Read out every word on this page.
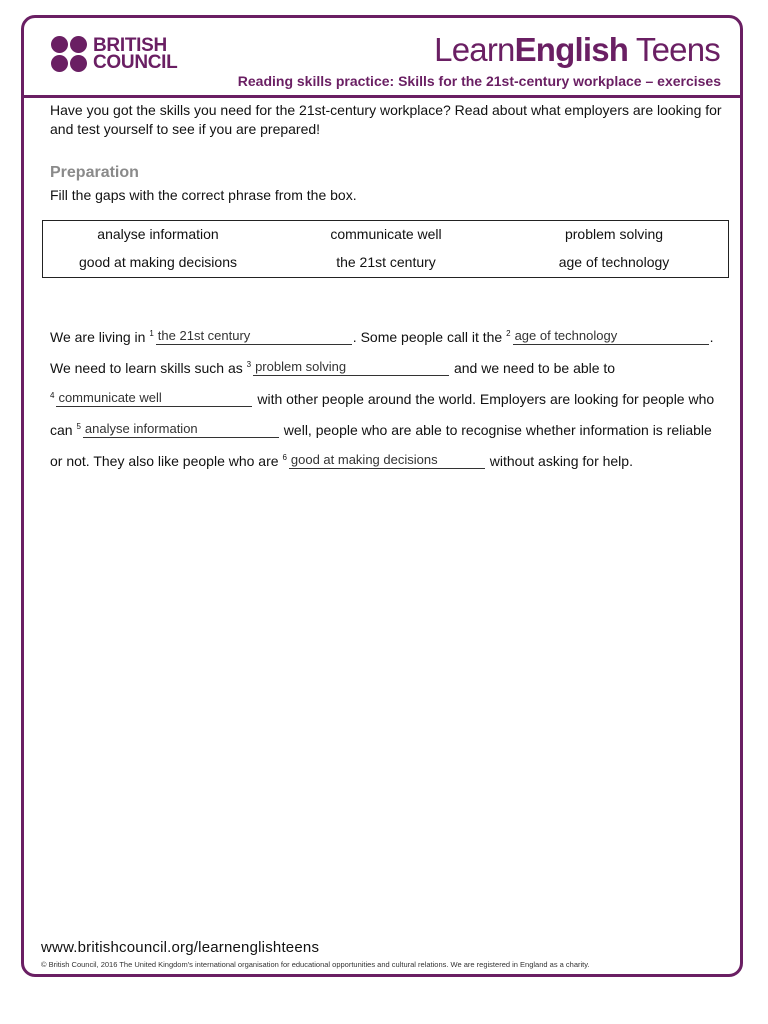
BRITISH
COUNCIL	LearnEnglish Teens
Reading skills practice: Skills for the 21st-century workplace – exercises
Have you got the skills you need for the 21st-century workplace? Read about what employers are looking for and test yourself to see if you are prepared!
Preparation
Fill the gaps with the correct phrase from the box.
analyse information	communicate well	problem solving
good at making decisions	the 21st century	age of technology
We are living in $^1$ the 21st century	. Some people call it the $^2$ age of technology	.
We need to learn skills such as $^3$ problem solving	and we need to be able to
$^4$ communicate well	with other people around the world. Employers are looking for people who
can $^5$ analyse information	well, people who are able to recognise whether information is reliable
or not. They also like people who are $^6$ good at making decisions	without asking for help.
www.britishcouncil.org/learnenglishteens
© British Council, 2016 The United Kingdom's international organisation for educational opportunities and cultural relations. We are registered in England as a charity.
